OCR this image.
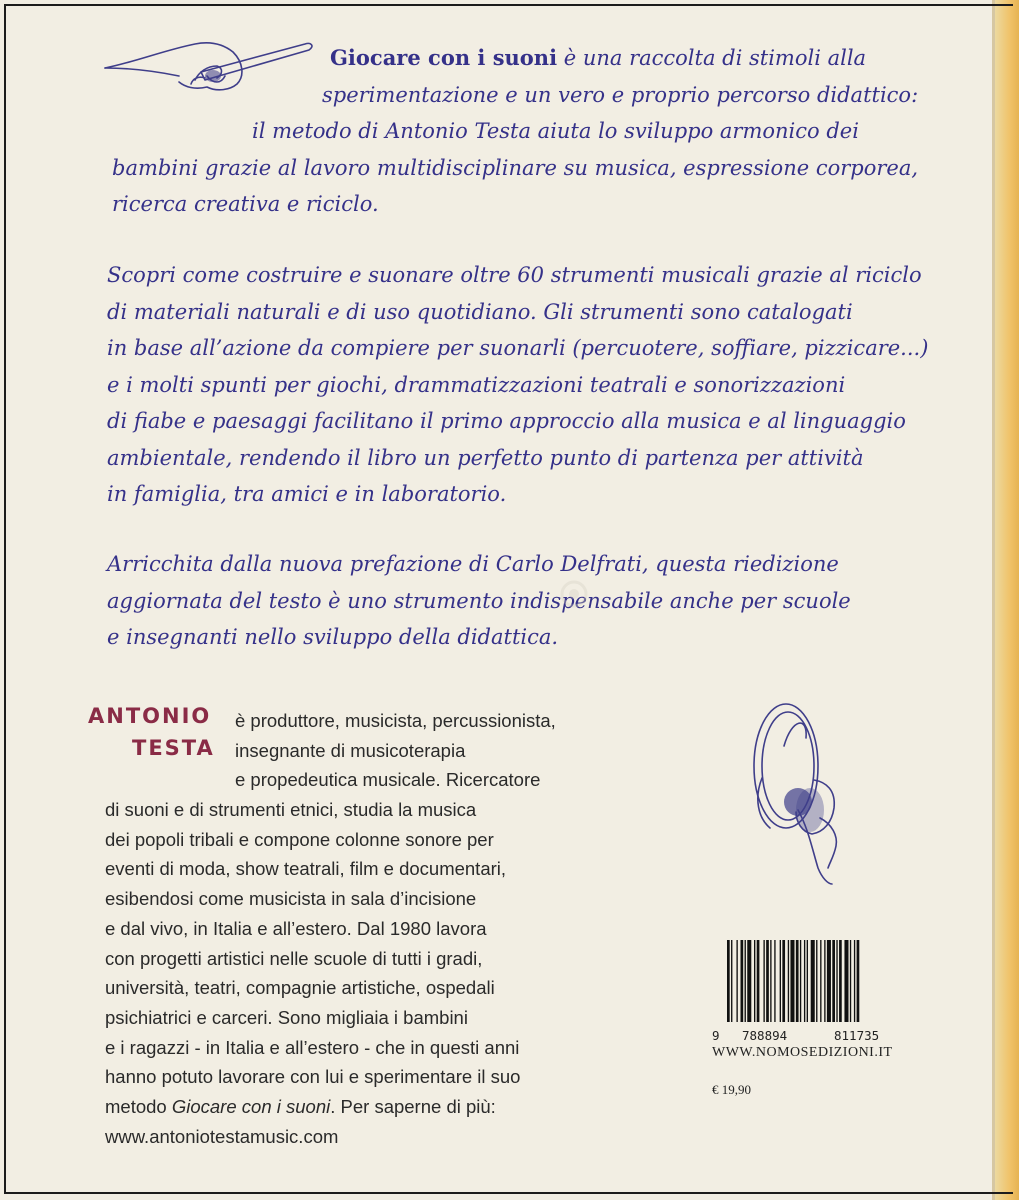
Giocare con i suoni è una raccolta di stimoli alla
sperimentazione e un vero e proprio percorso didattico:
il metodo di Antonio Testa aiuta lo sviluppo armonico dei
bambini grazie al lavoro multidisciplinare su musica, espressione corporea,
ricerca creativa e riciclo.
Scopri come costruire e suonare oltre 60 strumenti musicali grazie al riciclo
di materiali naturali e di uso quotidiano. Gli strumenti sono catalogati
in base all’azione da compiere per suonarli (percuotere, soffiare, pizzicare...)
e i molti spunti per giochi, drammatizzazioni teatrali e sonorizzazioni
di fiabe e paesaggi facilitano il primo approccio alla musica e al linguaggio
ambientale, rendendo il libro un perfetto punto di partenza per attività
in famiglia, tra amici e in laboratorio.
Arricchita dalla nuova prefazione di Carlo Delfrati, questa riedizione
aggiornata del testo è uno strumento indispensabile anche per scuole
e insegnanti nello sviluppo della didattica.
ANTONIO
TESTA
è produttore, musicista, percussionista,
insegnante di musicoterapia
e propedeutica musicale. Ricercatore
di suoni e di strumenti etnici, studia la musica
dei popoli tribali e compone colonne sonore per
eventi di moda, show teatrali, film e documentari,
esibendosi come musicista in sala d’incisione
e dal vivo, in Italia e all’estero. Dal 1980 lavora
con progetti artistici nelle scuole di tutti i gradi,
università, teatri, compagnie artistiche, ospedali
psichiatrici e carceri. Sono migliaia i bambini
e i ragazzi - in Italia e all’estero - che in questi anni
hanno potuto lavorare con lui e sperimentare il suo
metodo Giocare con i suoni. Per saperne di più:
www.antoniotestamusic.com
9 788894	811735
WWW.NOMOSEDIZIONI.IT
€ 19,90
